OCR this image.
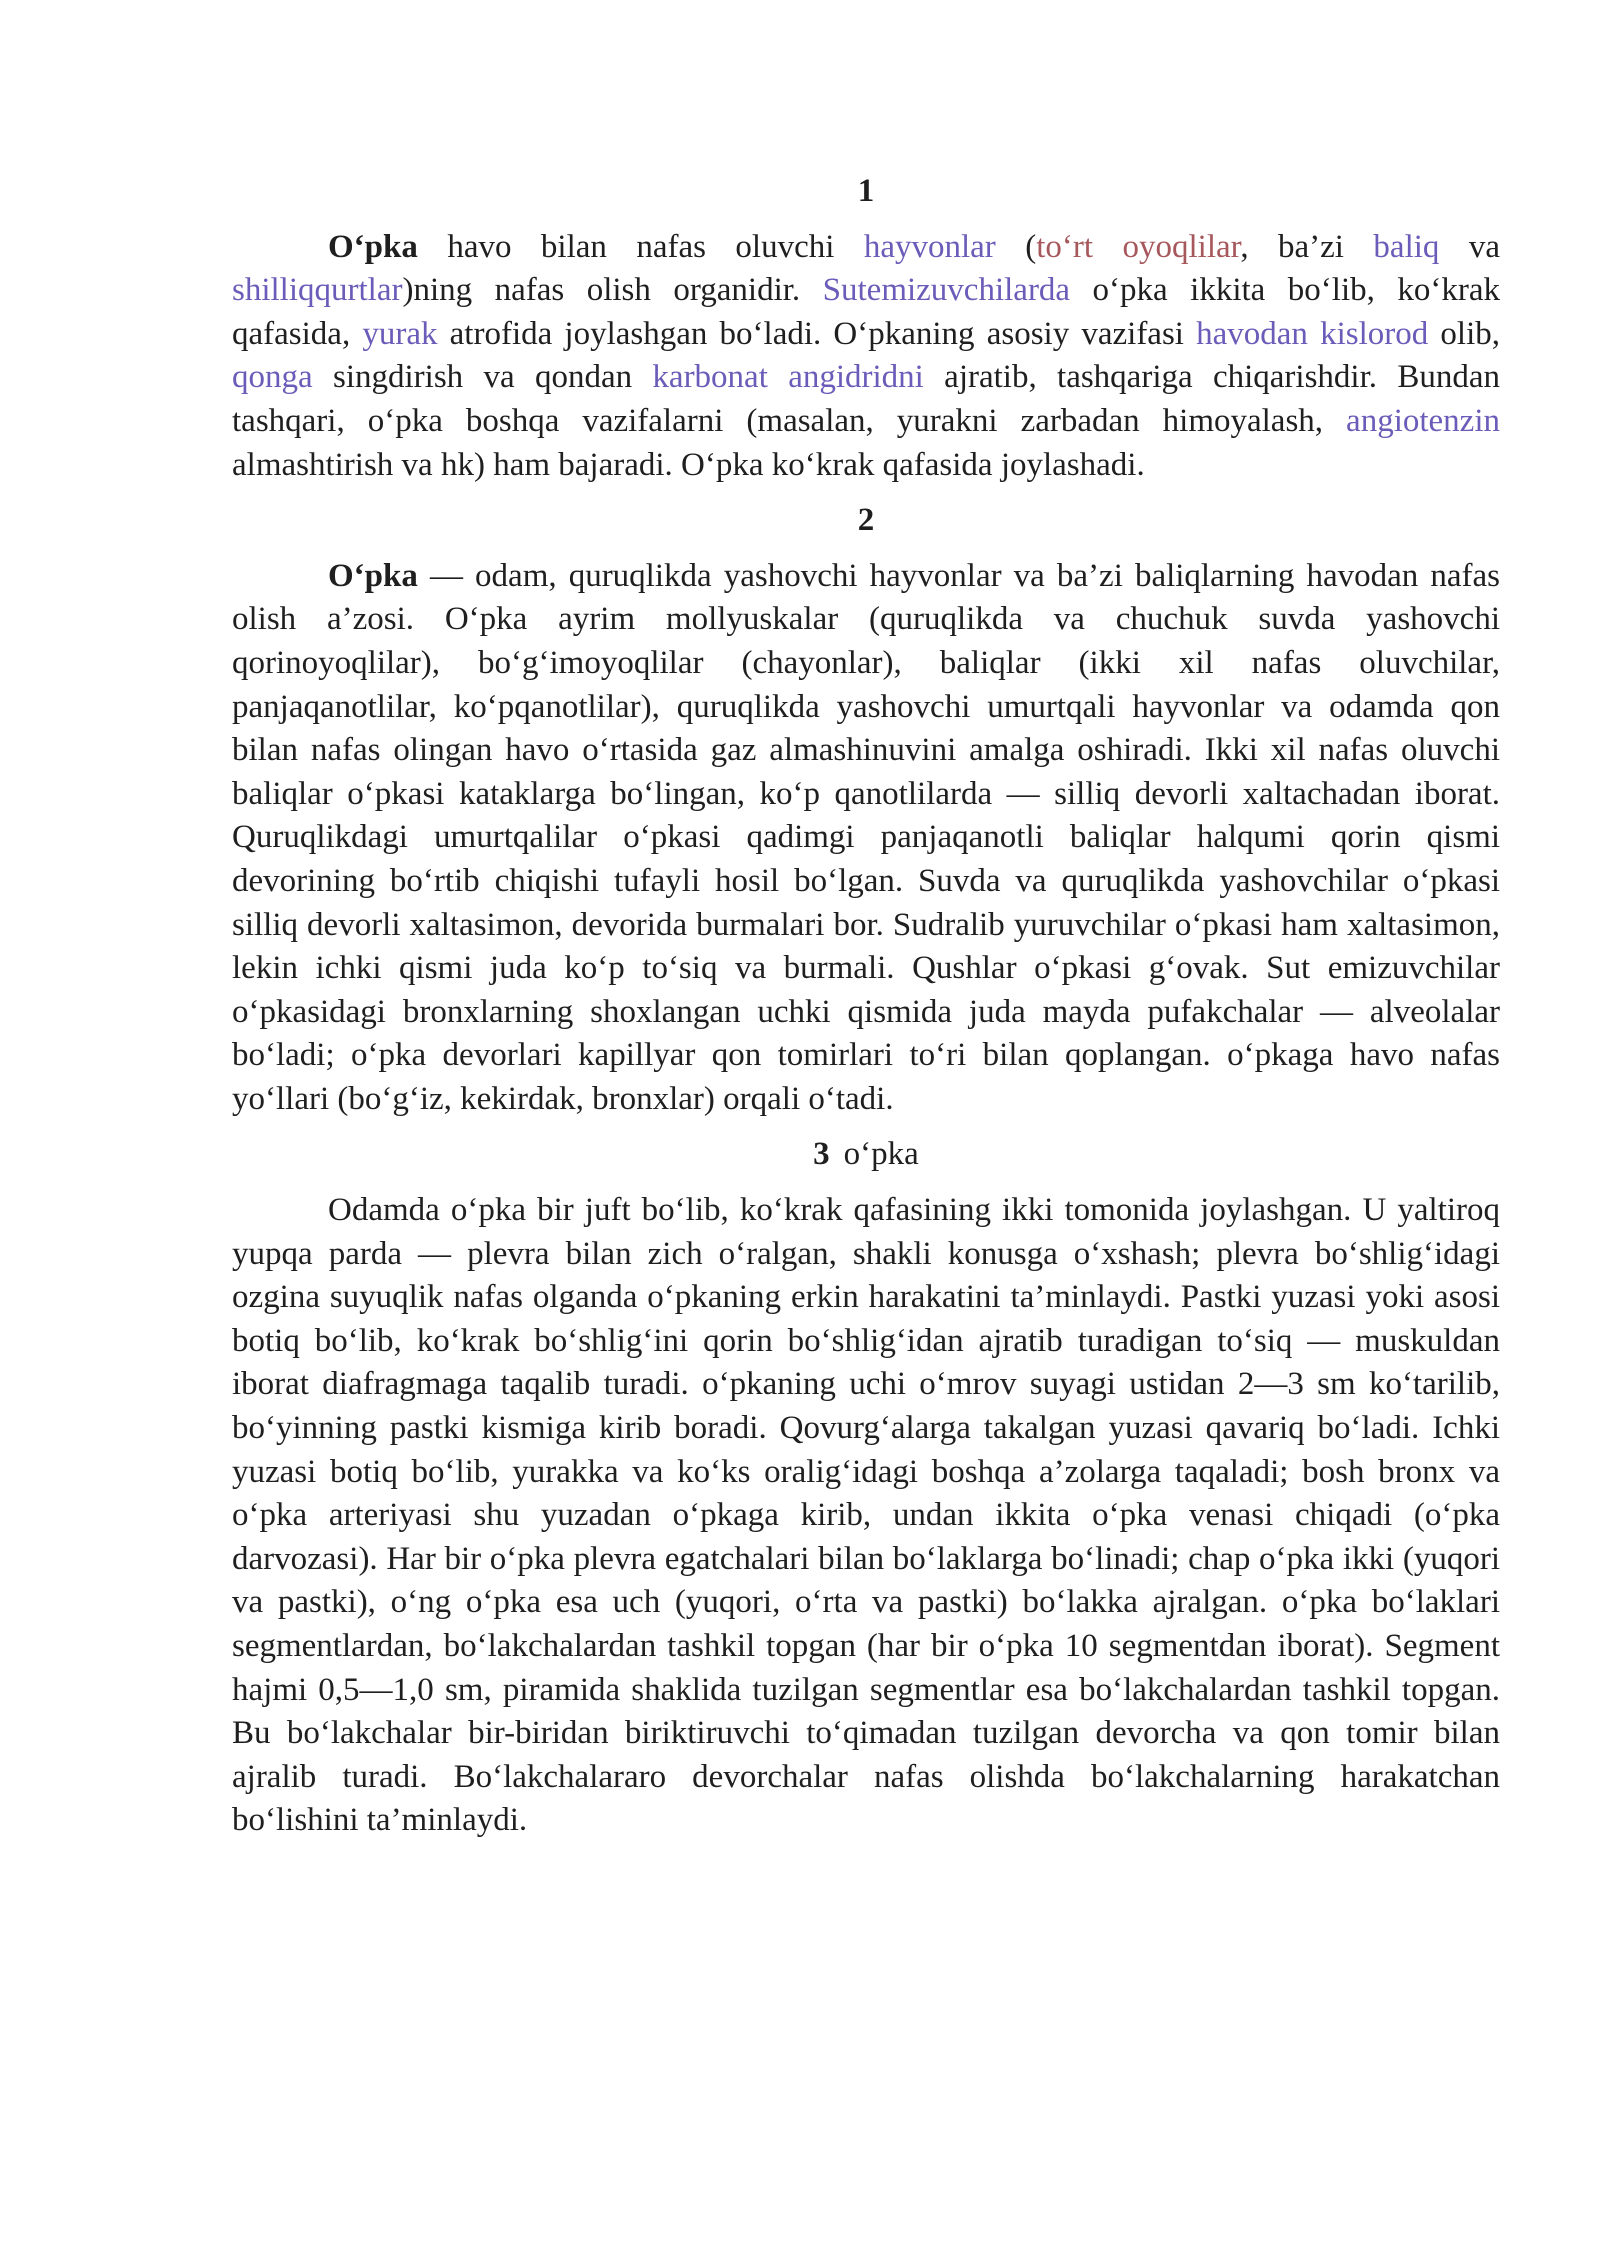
1

O‘pka havo bilan nafas oluvchi hayvonlar (to‘rt oyoqlilar, ba’zi baliq va shilliqqurtlar)ning nafas olish organidir. Sutemizuvchilarda o‘pka ikkita bo‘lib, ko‘krak qafasida, yurak atrofida joylashgan bo‘ladi. O‘pkaning asosiy vazifasi havodan kislorod olib, qonga singdirish va qondan karbonat angidridni ajratib, tashqariga chiqarishdir. Bundan tashqari, o‘pka boshqa vazifalarni (masalan, yurakni zarbadan himoyalash, angiotenzin almashtirish va hk) ham bajaradi. O‘pka ko‘krak qafasida joylashadi.

2

O‘pka — odam, quruqlikda yashovchi hayvonlar va ba’zi baliqlarning havodan nafas olish a’zosi. O‘pka ayrim mollyuskalar (quruqlikda va chuchuk suvda yashovchi qorinoyoqlilar), bo‘g‘imoyoqlilar (chayonlar), baliqlar (ikki xil nafas oluvchilar, panjaqanotlilar, ko‘pqanotlilar), quruqlikda yashovchi umurtqali hayvonlar va odamda qon bilan nafas olingan havo o‘rtasida gaz almashinuvini amalga oshiradi. Ikki xil nafas oluvchi baliqlar o‘pkasi kataklarga bo‘lingan, ko‘p qanotlilarda — silliq devorli xaltachadan iborat. Quruqlikdagi umurtqalilar o‘pkasi qadimgi panjaqanotli baliqlar halqumi qorin qismi devorining bo‘rtib chiqishi tufayli hosil bo‘lgan. Suvda va quruqlikda yashovchilar o‘pkasi silliq devorli xaltasimon, devorida burmalari bor. Sudralib yuruvchilar o‘pkasi ham xaltasimon, lekin ichki qismi juda ko‘p to‘siq va burmali. Qushlar o‘pkasi g‘ovak. Sut emizuvchilar o‘pkasidagi bronxlarning shoxlangan uchki qismida juda mayda pufakchalar — alveolalar bo‘ladi; o‘pka devorlari kapillyar qon tomirlari to‘ri bilan qoplangan. o‘pkaga havo nafas yo‘llari (bo‘g‘iz, kekirdak, bronxlar) orqali o‘tadi.

3 o‘pka

Odamda o‘pka bir juft bo‘lib, ko‘krak qafasining ikki tomonida joylashgan. U yaltiroq yupqa parda — plevra bilan zich o‘ralgan, shakli konusga o‘xshash; plevra bo‘shlig‘idagi ozgina suyuqlik nafas olganda o‘pkaning erkin harakatini ta’minlaydi. Pastki yuzasi yoki asosi botiq bo‘lib, ko‘krak bo‘shlig‘ini qorin bo‘shlig‘idan ajratib turadigan to‘siq — muskuldan iborat diafragmaga taqalib turadi. o‘pkaning uchi o‘mrov suyagi ustidan 2—3 sm ko‘tarilib, bo‘yinning pastki kismiga kirib boradi. Qovurg‘alarga takalgan yuzasi qavariq bo‘ladi. Ichki yuzasi botiq bo‘lib, yurakka va ko‘ks oralig‘idagi boshqa a’zolarga taqaladi; bosh bronx va o‘pka arteriyasi shu yuzadan o‘pkaga kirib, undan ikkita o‘pka venasi chiqadi (o‘pka darvozasi). Har bir o‘pka plevra egatchalari bilan bo‘laklarga bo‘linadi; chap o‘pka ikki (yuqori va pastki), o‘ng o‘pka esa uch (yuqori, o‘rta va pastki) bo‘lakka ajralgan. o‘pka bo‘laklari segmentlardan, bo‘lakchalardan tashkil topgan (har bir o‘pka 10 segmentdan iborat). Segment hajmi 0,5—1,0 sm, piramida shaklida tuzilgan segmentlar esa bo‘lakchalardan tashkil topgan. Bu bo‘lakchalar bir-biridan biriktiruvchi to‘qimadan tuzilgan devorcha va qon tomir bilan ajralib turadi. Bo‘lakchalararo devorchalar nafas olishda bo‘lakchalarning harakatchan bo‘lishini ta’minlaydi.
